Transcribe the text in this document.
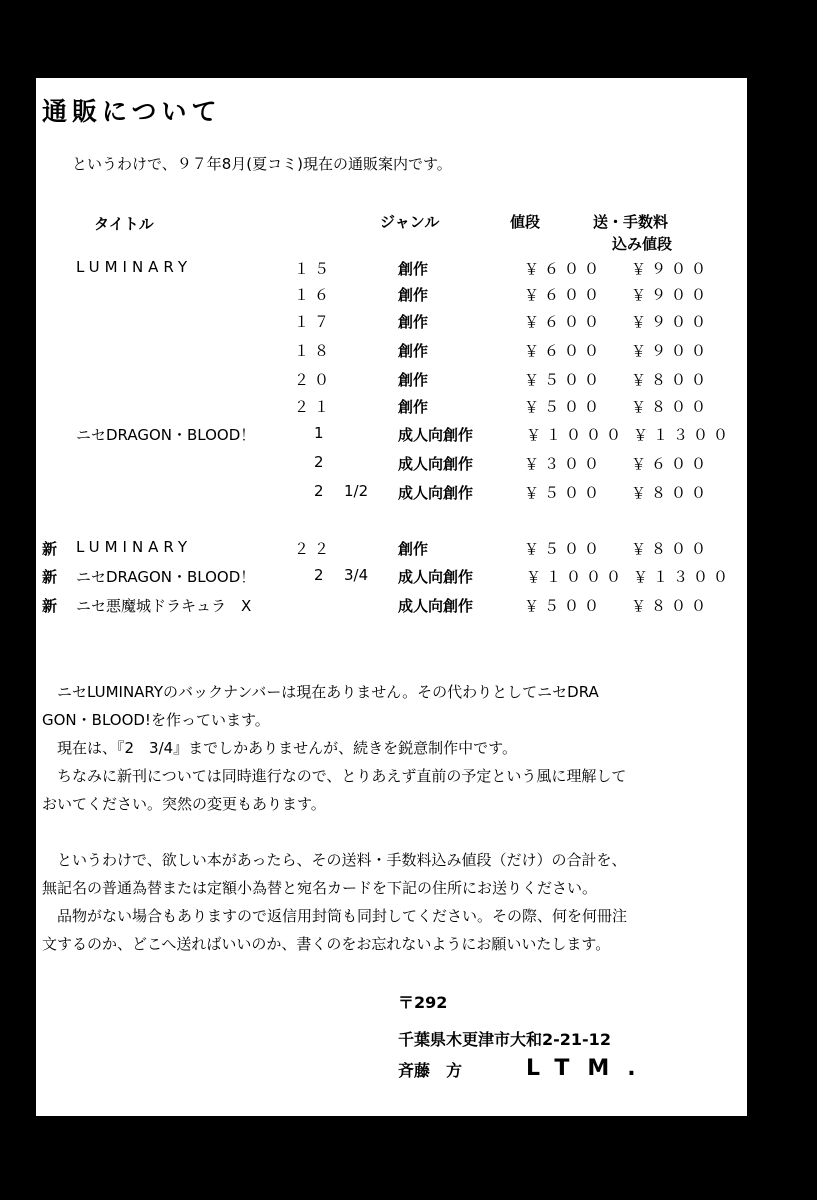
通販について
というわけで、９７年8月(夏コミ)現在の通販案内です。
タイトル	ジャンル	値段	送・手数料
込み値段
LUMINARY	１５	創作	￥６００ ￥９００
１６	創作	￥６００ ￥９００
１７	創作	￥６００ ￥９００
１８	創作	￥６００ ￥９００
２０	創作	￥５００ ￥８００
２１	創作	￥５００ ￥８００
ニセDRAGON・BLOOD！	1	成人向創作	￥１０００ ￥１３００
2	成人向創作	￥３００ ￥６００
2 1/2 成人向創作	￥５００ ￥８００
新 LUMINARY	２２	創作	￥５００ ￥８００
新 ニセDRAGON・BLOOD！	2 3/4 成人向創作	￥１０００ ￥１３００
新 ニセ悪魔城ドラキュラ　X	成人向創作	￥５００ ￥８００

　ニセLUMINARYのバックナンバーは現在ありません。その代わりとしてニセDRA

GON・BLOOD!を作っています。

　現在は、『2　3/4』までしかありませんが、続きを鋭意制作中です。

　ちなみに新刊については同時進行なので、とりあえず直前の予定という風に理解して

おいてください。突然の変更もあります。

　というわけで、欲しい本があったら、その送料・手数料込み値段（だけ）の合計を、

無記名の普通為替または定額小為替と宛名カードを下記の住所にお送りください。

　品物がない場合もありますので返信用封筒も同封してください。その際、何を何冊注

文するのか、どこへ送ればいいのか、書くのをお忘れないようにお願いいたします。

〒292
千葉県木更津市大和2-21-12
斉藤　方	LTM.
